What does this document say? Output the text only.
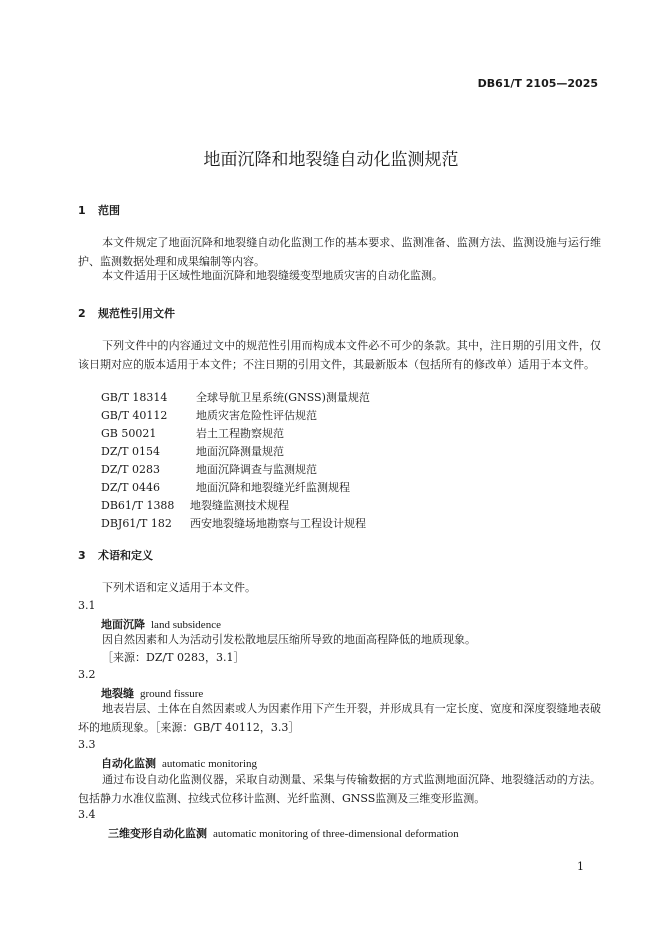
DB61/T 2105—2025
地面沉降和地裂缝自动化监测规范
1 范围
本文件规定了地面沉降和地裂缝自动化监测工作的基本要求、监测准备、监测方法、监测设施与运行维护、监测数据处理和成果编制等内容。
本文件适用于区域性地面沉降和地裂缝缓变型地质灾害的自动化监测。
2 规范性引用文件
下列文件中的内容通过文中的规范性引用而构成本文件必不可少的条款。其中，注日期的引用文件，仅该日期对应的版本适用于本文件；不注日期的引用文件，其最新版本（包括所有的修改单）适用于本文件。
GB/T 18314	全球导航卫星系统(GNSS)测量规范
GB/T 40112	地质灾害危险性评估规范
GB 50021	岩土工程勘察规范
DZ/T 0154	地面沉降测量规范
DZ/T 0283	地面沉降调查与监测规范
DZ/T 0446	地面沉降和地裂缝光纤监测规程
DB61/T 1388 地裂缝监测技术规程
DBJ61/T 182 西安地裂缝场地勘察与工程设计规程
3 术语和定义
下列术语和定义适用于本文件。
3.1
地面沉降 land subsidence
因自然因素和人为活动引发松散地层压缩所导致的地面高程降低的地质现象。
［来源：DZ/T 0283，3.1］
3.2
地裂缝 ground fissure
地表岩层、土体在自然因素或人为因素作用下产生开裂，并形成具有一定长度、宽度和深度裂缝地表破坏的地质现象。［来源：GB/T 40112，3.3］
3.3
自动化监测 automatic monitoring
通过布设自动化监测仪器，采取自动测量、采集与传输数据的方式监测地面沉降、地裂缝活动的方法。包括静力水准仪监测、拉线式位移计监测、光纤监测、GNSS监测及三维变形监测。
3.4
三维变形自动化监测 automatic monitoring of three-dimensional deformation
1
